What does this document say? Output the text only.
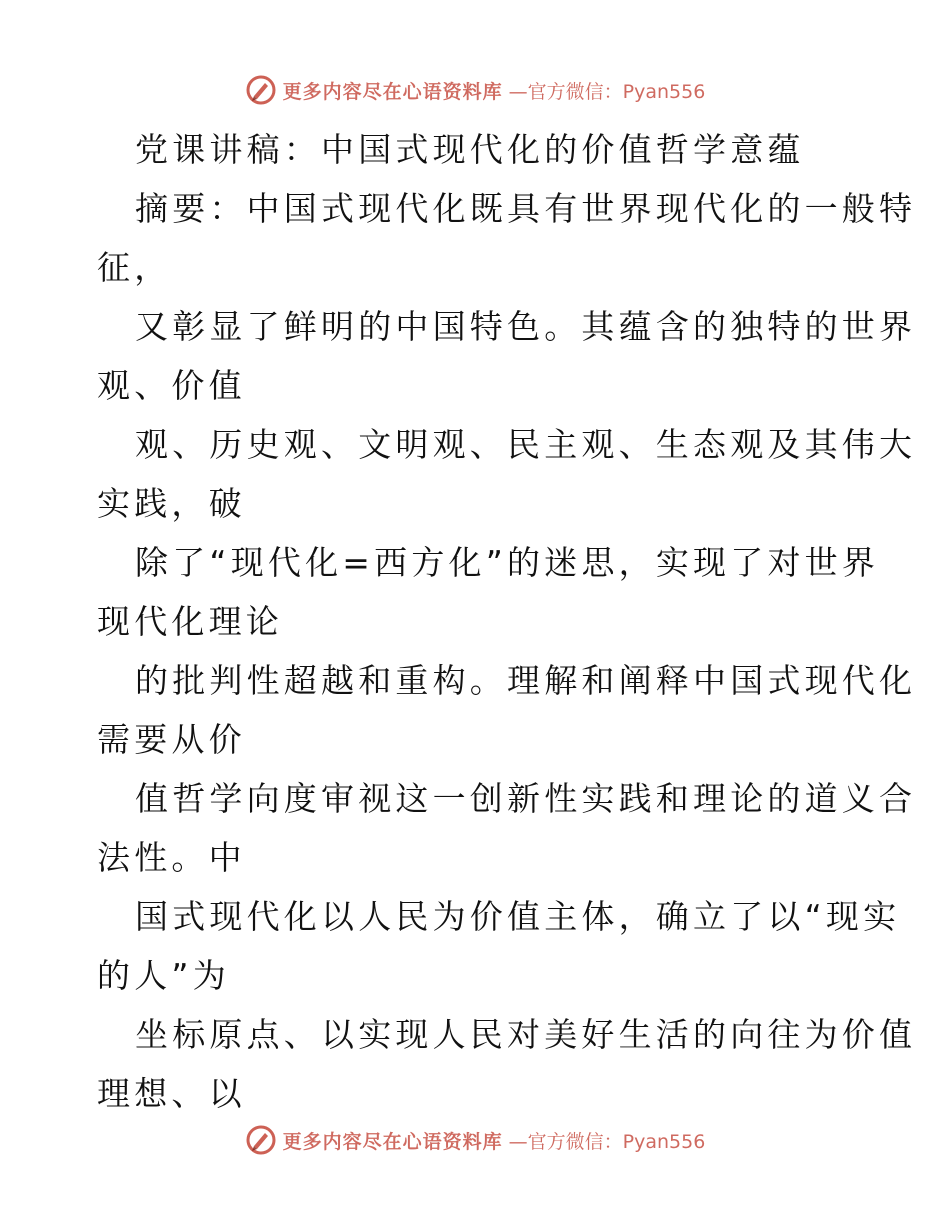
更多内容尽在心语资料库 —官方微信：Pyan556
党课讲稿：中国式现代化的价值哲学意蕴
摘要：中国式现代化既具有世界现代化的一般特
征，
又彰显了鲜明的中国特色。其蕴含的独特的世界
观、价值
观、历史观、文明观、民主观、生态观及其伟大
实践，破
除了“现代化=西方化”的迷思，实现了对世界
现代化理论
的批判性超越和重构。理解和阐释中国式现代化
需要从价
值哲学向度审视这一创新性实践和理论的道义合
法性。中
国式现代化以人民为价值主体，确立了以“现实
的人”为
坐标原点、以实现人民对美好生活的向往为价值
理想、以
更多内容尽在心语资料库 —官方微信：Pyan556
